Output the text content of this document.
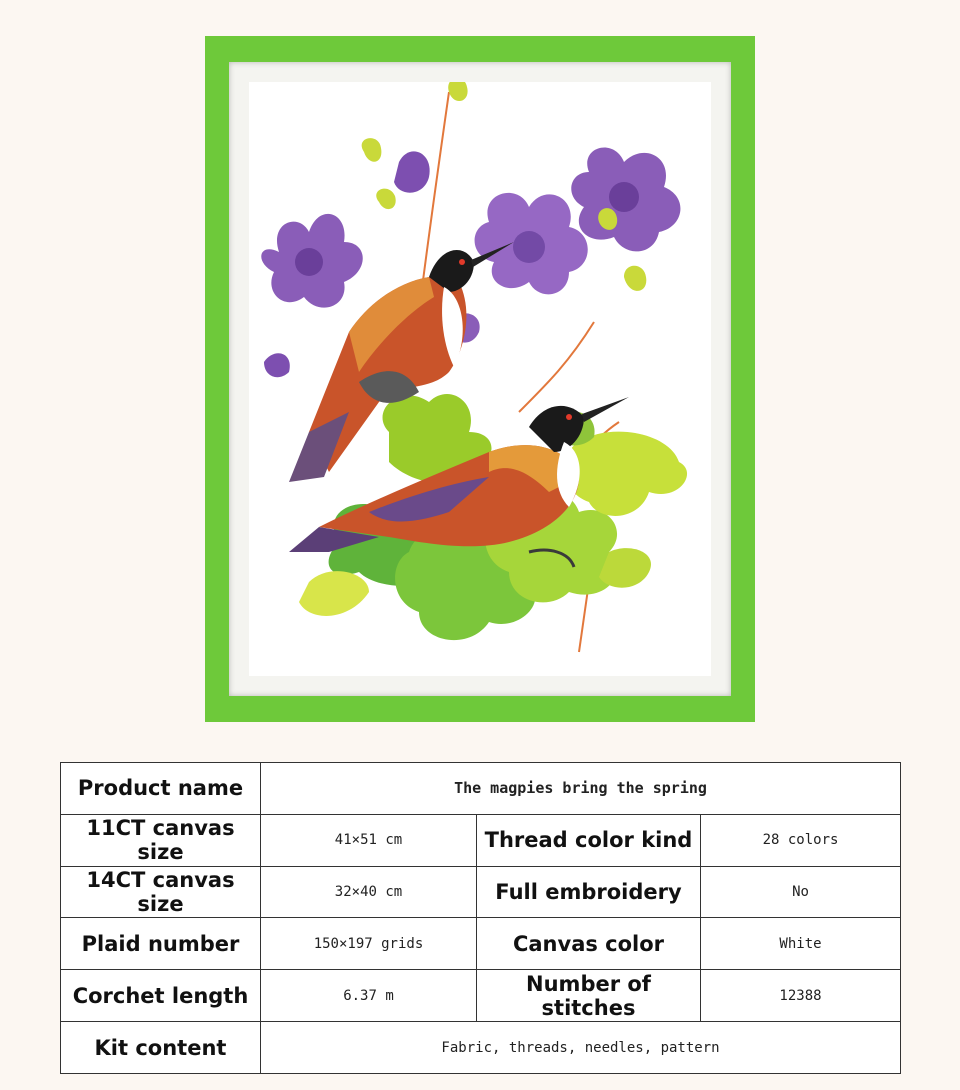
Product name	The magpies bring the spring		
11CT canvas size	41×51 cm	Thread color kind	28 colors
14CT canvas size	32×40 cm	Full embroidery	No
Plaid number	150×197 grids	Canvas color	White
Corchet length	6.37 m	Number of stitches	12388
Kit content	Fabric, threads, needles, pattern		
